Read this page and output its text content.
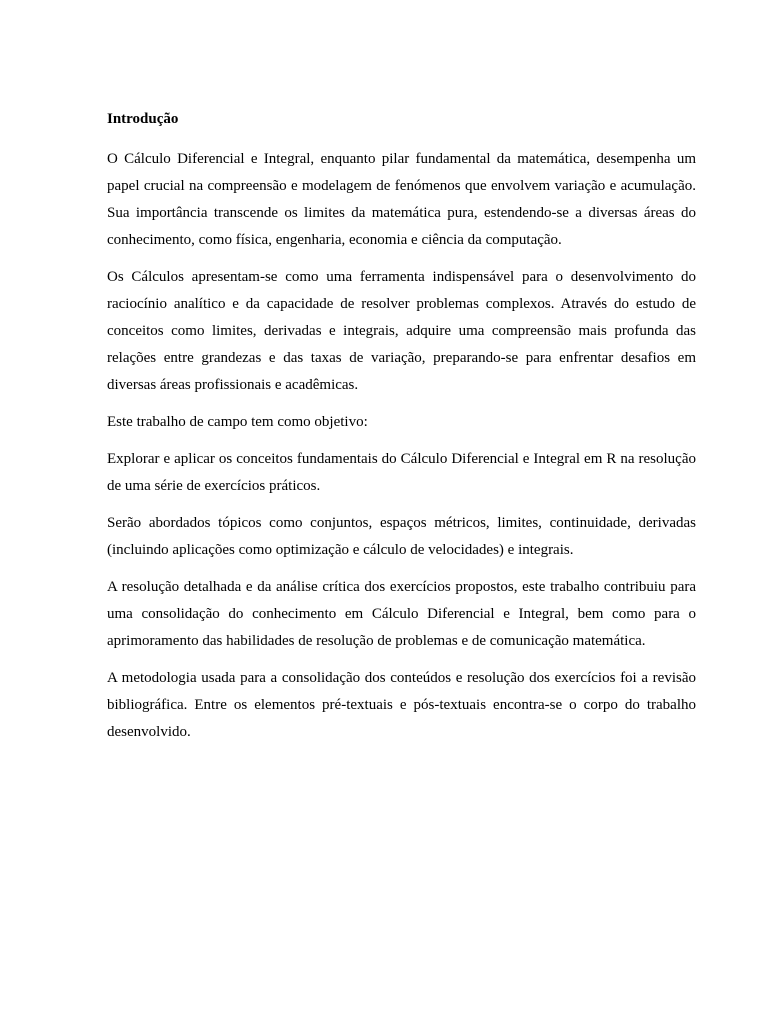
Introdução

O Cálculo Diferencial e Integral, enquanto pilar fundamental da matemática, desempenha um papel crucial na compreensão e modelagem de fenómenos que envolvem variação e acumulação. Sua importância transcende os limites da matemática pura, estendendo-se a diversas áreas do conhecimento, como física, engenharia, economia e ciência da computação.

Os Cálculos apresentam-se como uma ferramenta indispensável para o desenvolvimento do raciocínio analítico e da capacidade de resolver problemas complexos. Através do estudo de conceitos como limites, derivadas e integrais, adquire uma compreensão mais profunda das relações entre grandezas e das taxas de variação, preparando-se para enfrentar desafios em diversas áreas profissionais e acadêmicas.

Este trabalho de campo tem como objetivo:

Explorar e aplicar os conceitos fundamentais do Cálculo Diferencial e Integral em R na resolução de uma série de exercícios práticos.

Serão abordados tópicos como conjuntos, espaços métricos, limites, continuidade, derivadas (incluindo aplicações como optimização e cálculo de velocidades) e integrais.

A resolução detalhada e da análise crítica dos exercícios propostos, este trabalho contribuiu para uma consolidação do conhecimento em Cálculo Diferencial e Integral, bem como para o aprimoramento das habilidades de resolução de problemas e de comunicação matemática.

A metodologia usada para a consolidação dos conteúdos e resolução dos exercícios foi a revisão bibliográfica. Entre os elementos pré-textuais e pós-textuais encontra-se o corpo do trabalho desenvolvido.
